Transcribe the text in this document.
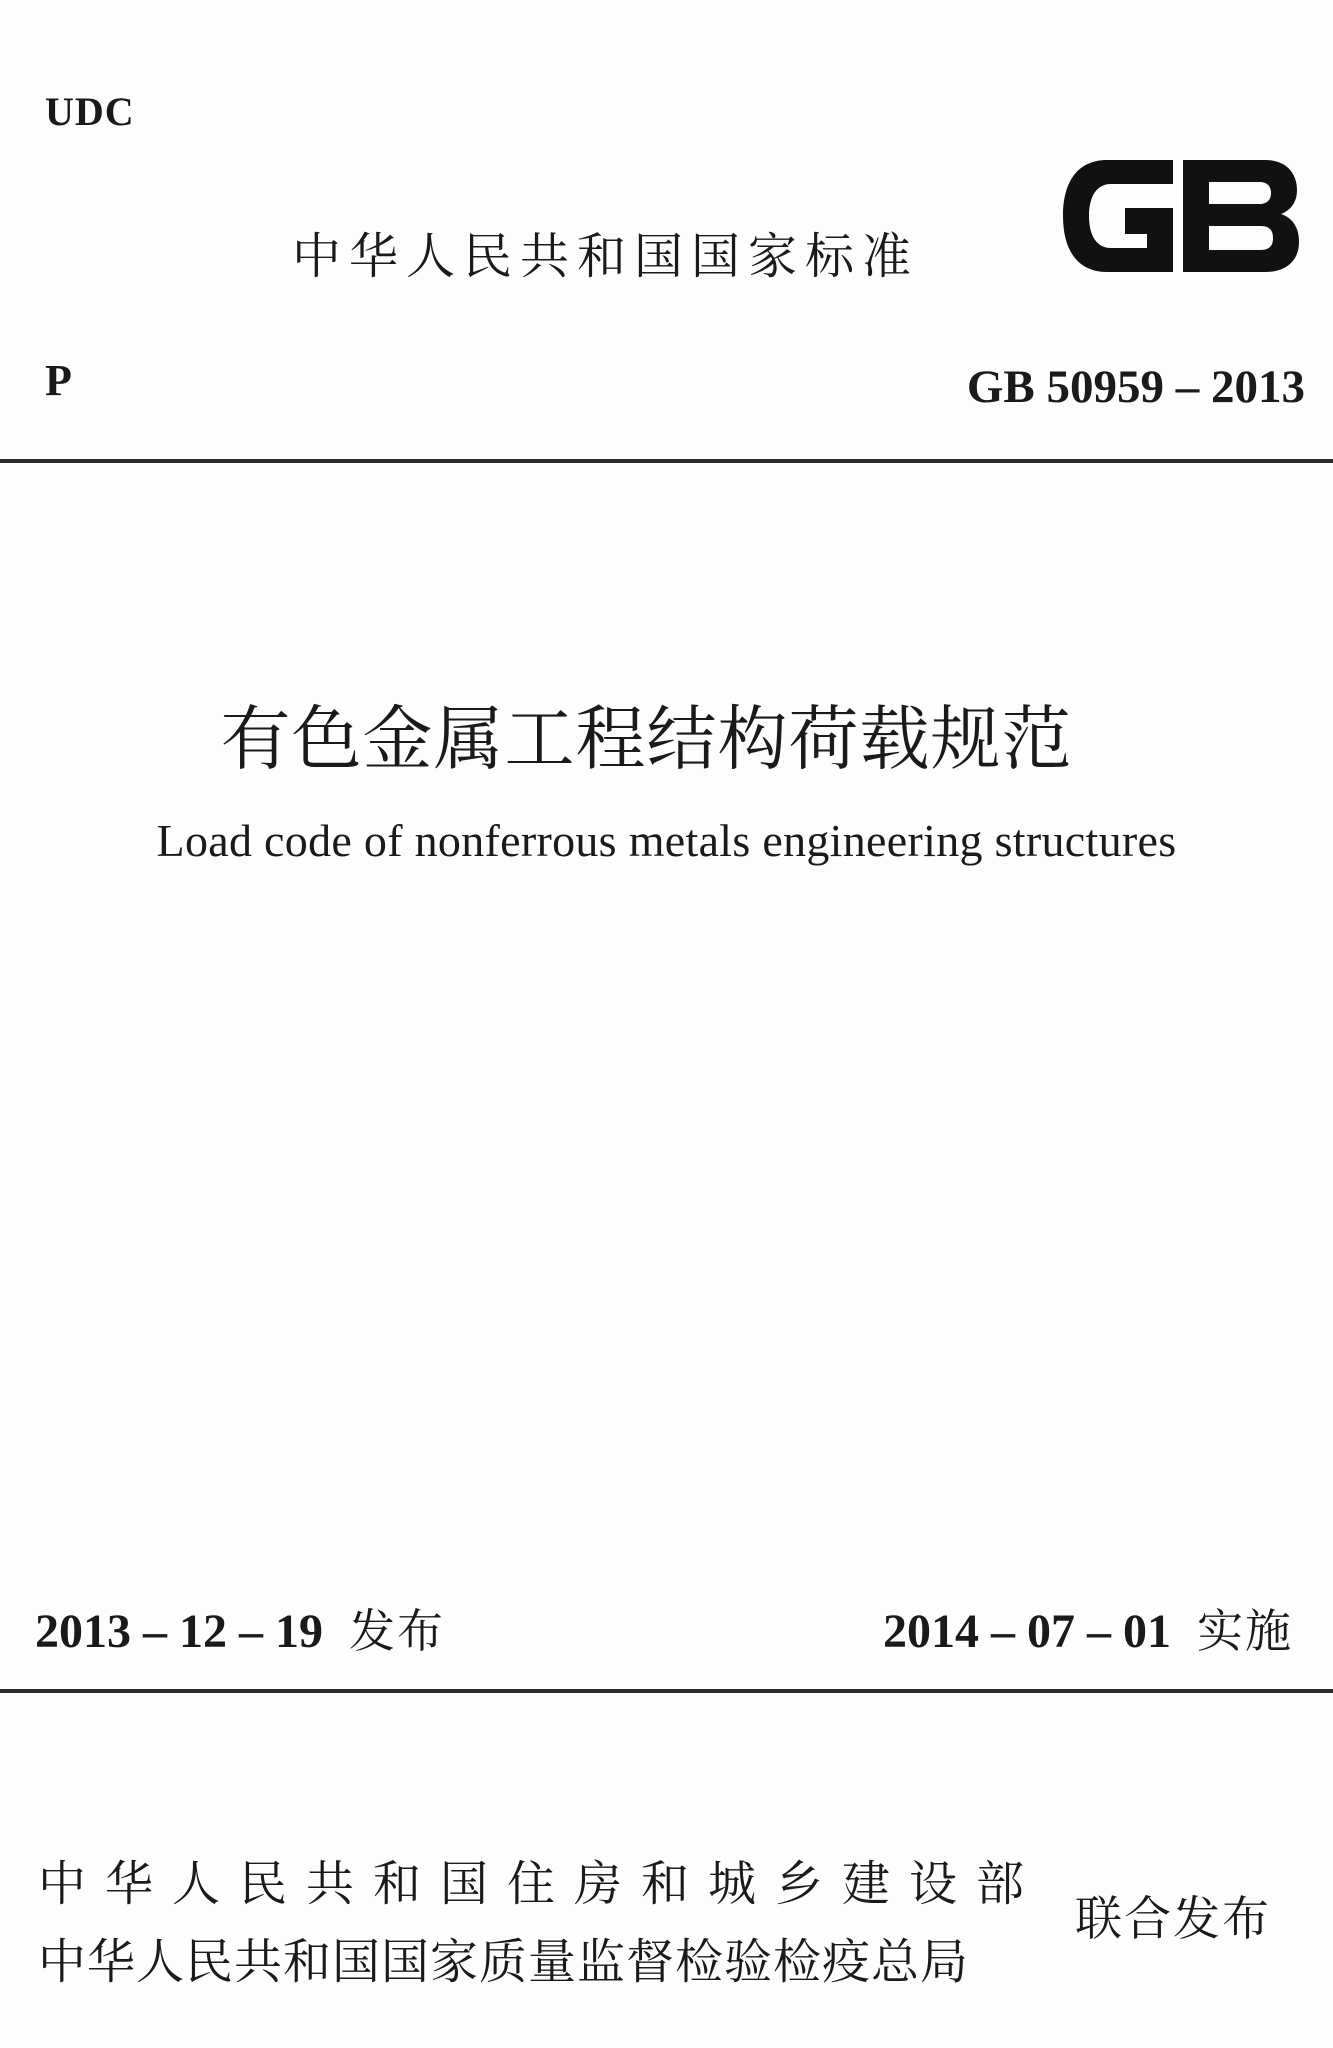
UDC
中华人民共和国国家标准
P	GB 50959 – 2013
有色金属工程结构荷载规范
Load code of nonferrous metals engineering structures
2013 – 12 – 19 发布	2014 – 07 – 01 实施
中华人民共和国住房和城乡建设部
中华人民共和国国家质量监督检验检疫总局
联合发布
